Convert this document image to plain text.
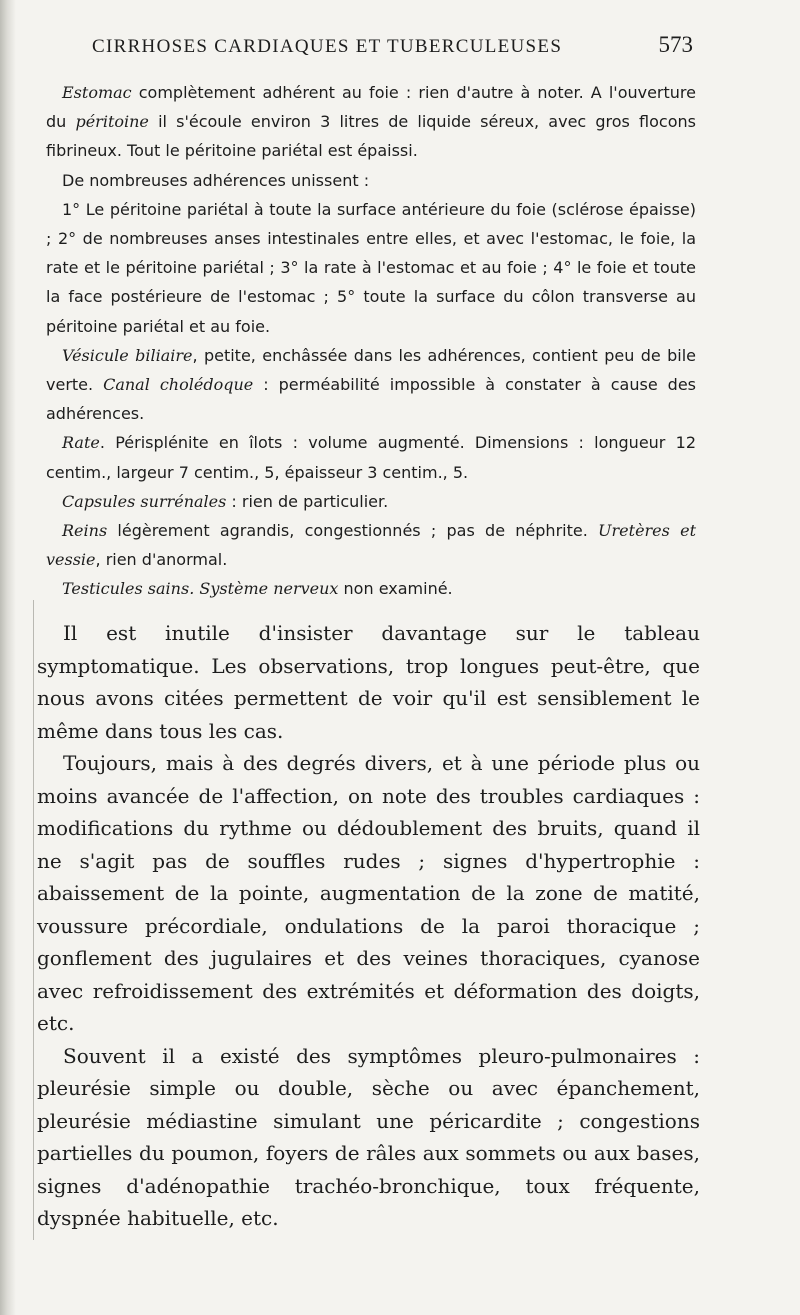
CIRRHOSES CARDIAQUES ET TUBERCULEUSES	573

Estomac complètement adhérent au foie : rien d'autre à noter. A l'ouverture du péritoine il s'écoule environ 3 litres de liquide séreux, avec gros flocons fibrineux. Tout le péritoine pariétal est épaissi.

De nombreuses adhérences unissent :

1° Le péritoine pariétal à toute la surface antérieure du foie (sclérose épaisse) ; 2° de nombreuses anses intestinales entre elles, et avec l'estomac, le foie, la rate et le péritoine pariétal ; 3° la rate à l'estomac et au foie ; 4° le foie et toute la face postérieure de l'estomac ; 5° toute la surface du côlon transverse au péritoine pariétal et au foie.

Vésicule biliaire, petite, enchâssée dans les adhérences, contient peu de bile verte. Canal cholédoque : perméabilité impossible à constater à cause des adhérences.

Rate. Périsplénite en îlots : volume augmenté. Dimensions : longueur 12 centim., largeur 7 centim., 5, épaisseur 3 centim., 5.

Capsules surrénales : rien de particulier.

Reins légèrement agrandis, congestionnés ; pas de néphrite. Uretères et vessie, rien d'anormal.

Testicules sains. Système nerveux non examiné.

Il est inutile d'insister davantage sur le tableau symptomatique. Les observations, trop longues peut-être, que nous avons citées permettent de voir qu'il est sensiblement le même dans tous les cas.

Toujours, mais à des degrés divers, et à une période plus ou moins avancée de l'affection, on note des troubles cardiaques : modifications du rythme ou dédoublement des bruits, quand il ne s'agit pas de souffles rudes ; signes d'hypertrophie : abaissement de la pointe, augmentation de la zone de matité, voussure précordiale, ondulations de la paroi thoracique ; gonflement des jugulaires et des veines thoraciques, cyanose avec refroidissement des extrémités et déformation des doigts, etc.

Souvent il a existé des symptômes pleuro-pulmonaires : pleurésie simple ou double, sèche ou avec épanchement, pleurésie médiastine simulant une péricardite ; congestions partielles du poumon, foyers de râles aux sommets ou aux bases, signes d'adénopathie trachéo-bronchique, toux fréquente, dyspnée habituelle, etc.
